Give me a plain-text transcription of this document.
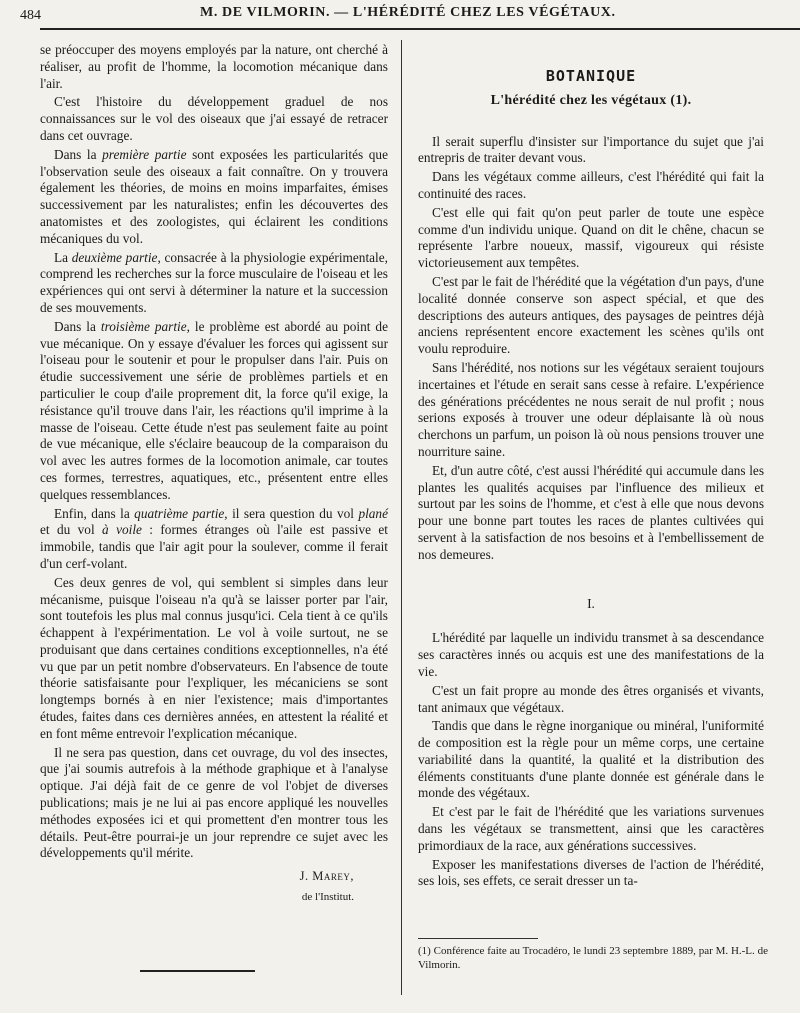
484	M. DE VILMORIN. — L'HÉRÉDITÉ CHEZ LES VÉGÉTAUX.

se préoccuper des moyens employés par la nature, ont cherché à réaliser, au profit de l'homme, la locomotion mécanique dans l'air.

C'est l'histoire du développement graduel de nos connaissances sur le vol des oiseaux que j'ai essayé de retracer dans cet ouvrage.

Dans la première partie sont exposées les particularités que l'observation seule des oiseaux a fait connaître. On y trouvera également les théories, de moins en moins imparfaites, émises successivement par les naturalistes; enfin les découvertes des anatomistes et des zoologistes, qui éclairent les conditions mécaniques du vol.

La deuxième partie, consacrée à la physiologie expérimentale, comprend les recherches sur la force musculaire de l'oiseau et les expériences qui ont servi à déterminer la nature et la succession de ses mouvements.

Dans la troisième partie, le problème est abordé au point de vue mécanique. On y essaye d'évaluer les forces qui agissent sur l'oiseau pour le soutenir et pour le propulser dans l'air. Puis on étudie successivement une série de problèmes partiels et en particulier le coup d'aile proprement dit, la force qu'il exige, la résistance qu'il trouve dans l'air, les réactions qu'il imprime à la masse de l'oiseau. Cette étude n'est pas seulement faite au point de vue mécanique, elle s'éclaire beaucoup de la comparaison du vol avec les autres formes de la locomotion animale, car toutes ces formes, terrestres, aquatiques, etc., présentent entre elles quelques ressemblances.

Enfin, dans la quatrième partie, il sera question du vol plané et du vol à voile : formes étranges où l'aile est passive et immobile, tandis que l'air agit pour la soulever, comme il ferait d'un cerf-volant.

Ces deux genres de vol, qui semblent si simples dans leur mécanisme, puisque l'oiseau n'a qu'à se laisser porter par l'air, sont toutefois les plus mal connus jusqu'ici. Cela tient à ce qu'ils échappent à l'expérimentation. Le vol à voile surtout, ne se produisant que dans certaines conditions exceptionnelles, n'a été vu que par un petit nombre d'observateurs. En l'absence de toute théorie satisfaisante pour l'expliquer, les mécaniciens se sont longtemps bornés à en nier l'existence; mais d'importantes études, faites dans ces dernières années, en attestent la réalité et en font même entrevoir l'explication mécanique.

Il ne sera pas question, dans cet ouvrage, du vol des insectes, que j'ai soumis autrefois à la méthode graphique et à l'analyse optique. J'ai déjà fait de ce genre de vol l'objet de diverses publications; mais je ne lui ai pas encore appliqué les nouvelles méthodes exposées ici et qui promettent d'en montrer tous les détails. Peut-être pourrai-je un jour reprendre ce sujet avec les développements qu'il mérite.

J. Marey,
de l'Institut.
BOTANIQUE
L'hérédité chez les végétaux (1).

Il serait superflu d'insister sur l'importance du sujet que j'ai entrepris de traiter devant vous.

Dans les végétaux comme ailleurs, c'est l'hérédité qui fait la continuité des races.

C'est elle qui fait qu'on peut parler de toute une espèce comme d'un individu unique. Quand on dit le chêne, chacun se représente l'arbre noueux, massif, vigoureux qui résiste victorieusement aux tempêtes.

C'est par le fait de l'hérédité que la végétation d'un pays, d'une localité donnée conserve son aspect spécial, et que des descriptions des auteurs antiques, des paysages de peintres déjà anciens représentent encore exactement les scènes qu'ils ont voulu reproduire.

Sans l'hérédité, nos notions sur les végétaux seraient toujours incertaines et l'étude en serait sans cesse à refaire. L'expérience des générations précédentes ne nous serait de nul profit ; nous serions exposés à trouver une odeur déplaisante là où nous cherchons un parfum, un poison là où nous pensions trouver une nourriture saine.

Et, d'un autre côté, c'est aussi l'hérédité qui accumule dans les plantes les qualités acquises par l'influence des milieux et surtout par les soins de l'homme, et c'est à elle que nous devons pour une bonne part toutes les races de plantes cultivées qui servent à la satisfaction de nos besoins et à l'embellissement de nos demeures.

I.

L'hérédité par laquelle un individu transmet à sa descendance ses caractères innés ou acquis est une des manifestations de la vie.

C'est un fait propre au monde des êtres organisés et vivants, tant animaux que végétaux.

Tandis que dans le règne inorganique ou minéral, l'uniformité de composition est la règle pour un même corps, une certaine variabilité dans la quantité, la qualité et la distribution des éléments constituants d'une plante donnée est générale dans le monde des végétaux.

Et c'est par le fait de l'hérédité que les variations survenues dans les végétaux se transmettent, ainsi que les caractères primordiaux de la race, aux générations successives.

Exposer les manifestations diverses de l'action de l'hérédité, ses lois, ses effets, ce serait dresser un ta-

(1) Conférence faite au Trocadéro, le lundi 23 septembre 1889, par M. H.-L. de Vilmorin.
